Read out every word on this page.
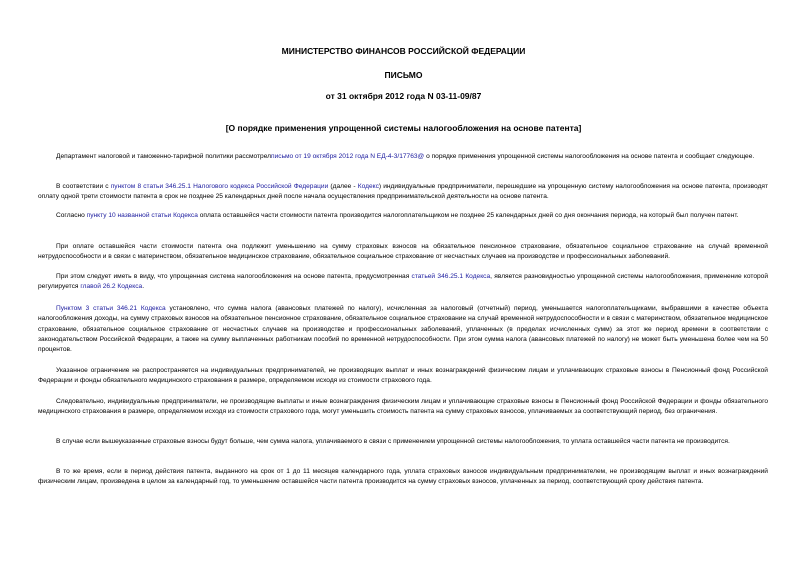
МИНИСТЕРСТВО ФИНАНСОВ РОССИЙСКОЙ ФЕДЕРАЦИИ
ПИСЬМО
от 31 октября 2012 года N 03-11-09/87
[О порядке применения упрощенной системы налогообложения на основе патента]

Департамент налоговой и таможенно-тарифной политики рассмотрелписьмо от 19 октября 2012 года N ЕД-4-3/17763@ о порядке применения упрощенной системы налогообложения на основе патента и сообщает следующее.

В соответствии с пунктом 8 статьи 346.25.1 Налогового кодекса Российской Федерации (далее - Кодекс) индивидуальные предприниматели, перешедшие на упрощенную систему налогообложения на основе патента, производят оплату одной трети стоимости патента в срок не позднее 25 календарных дней после начала осуществления предпринимательской деятельности на основе патента.

Согласно пункту 10 названной статьи Кодекса оплата оставшейся части стоимости патента производится налогоплательщиком не позднее 25 календарных дней со дня окончания периода, на который был получен патент.

При оплате оставшейся части стоимости патента она подлежит уменьшению на сумму страховых взносов на обязательное пенсионное страхование, обязательное социальное страхование на случай временной нетрудоспособности и в связи с материнством, обязательное медицинское страхование, обязательное социальное страхование от несчастных случаев на производстве и профессиональных заболеваний.

При этом следует иметь в виду, что упрощенная система налогообложения на основе патента, предусмотренная статьей 346.25.1 Кодекса, является разновидностью упрощенной системы налогообложения, применение которой регулируется главой 26.2 Кодекса.

Пунктом 3 статьи 346.21 Кодекса установлено, что сумма налога (авансовых платежей по налогу), исчисленная за налоговый (отчетный) период, уменьшается налогоплательщиками, выбравшими в качестве объекта налогообложения доходы, на сумму страховых взносов на обязательное пенсионное страхование, обязательное социальное страхование на случай временной нетрудоспособности и в связи с материнством, обязательное медицинское страхование, обязательное социальное страхование от несчастных случаев на производстве и профессиональных заболеваний, уплаченных (в пределах исчисленных сумм) за этот же период времени в соответствии с законодательством Российской Федерации, а также на сумму выплаченных работникам пособий по временной нетрудоспособности. При этом сумма налога (авансовых платежей по налогу) не может быть уменьшена более чем на 50 процентов.

Указанное ограничение не распространяется на индивидуальных предпринимателей, не производящих выплат и иных вознаграждений физическим лицам и уплачивающих страховые взносы в Пенсионный фонд Российской Федерации и фонды обязательного медицинского страхования в размере, определяемом исходя из стоимости страхового года.

Следовательно, индивидуальные предприниматели, не производящие выплаты и иные вознаграждения физическим лицам и уплачивающие страховые взносы в Пенсионный фонд Российской Федерации и фонды обязательного медицинского страхования в размере, определяемом исходя из стоимости страхового года, могут уменьшить стоимость патента на сумму страховых взносов, уплачиваемых за соответствующий период, без ограничения.

В случае если вышеуказанные страховые взносы будут больше, чем сумма налога, уплачиваемого в связи с применением упрощенной системы налогообложения, то уплата оставшейся части патента не производится.

В то же время, если в период действия патента, выданного на срок от 1 до 11 месяцев календарного года, уплата страховых взносов индивидуальным предпринимателем, не производящим выплат и иных вознаграждений физическим лицам, произведена в целом за календарный год, то уменьшение оставшейся части патента производится на сумму страховых взносов, уплаченных за период, соответствующий сроку действия патента.
